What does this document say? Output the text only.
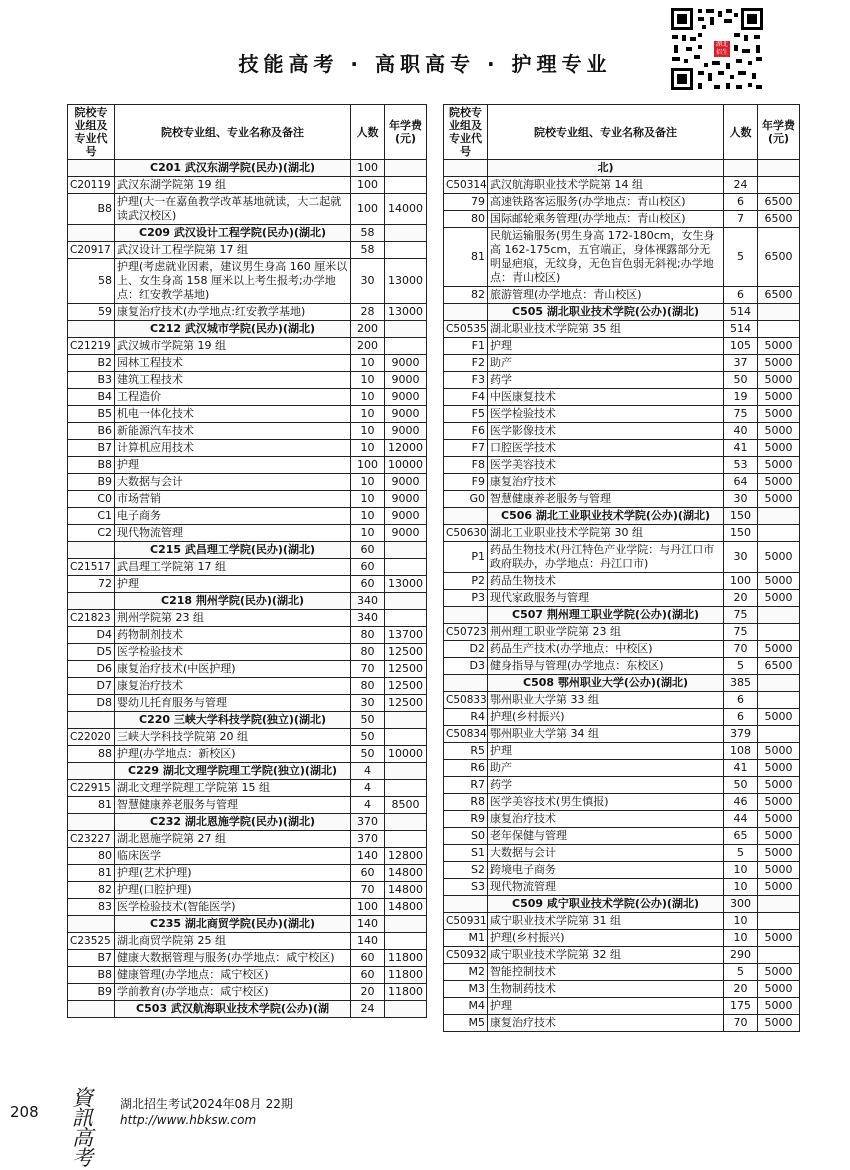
技能高考 · 高职高专 · 护理专业
湖北 招生考试
院校专业组及专业代号	院校专业组、专业名称及备注	人数	年学费(元)
	C201 武汉东湖学院(民办)(湖北)	100	
C20119	武汉东湖学院第 19 组	100	
B8	护理(大一在嘉鱼教学改革基地就读，大二起就读武汉校区)	100	14000
	C209 武汉设计工程学院(民办)(湖北)	58	
C20917	武汉设计工程学院第 17 组	58	
58	护理(考虑就业因素，建议男生身高 160 厘米以上、女生身高 158 厘米以上考生报考;办学地点：红安教学基地)	30	13000
59	康复治疗技术(办学地点:红安教学基地)	28	13000
	C212 武汉城市学院(民办)(湖北)	200	
C21219	武汉城市学院第 19 组	200	
B2	园林工程技术	10	9000
B3	建筑工程技术	10	9000
B4	工程造价	10	9000
B5	机电一体化技术	10	9000
B6	新能源汽车技术	10	9000
B7	计算机应用技术	10	12000
B8	护理	100	10000
B9	大数据与会计	10	9000
C0	市场营销	10	9000
C1	电子商务	10	9000
C2	现代物流管理	10	9000
	C215 武昌理工学院(民办)(湖北)	60	
C21517	武昌理工学院第 17 组	60	
72	护理	60	13000
	C218 荆州学院(民办)(湖北)	340	
C21823	荆州学院第 23 组	340	
D4	药物制剂技术	80	13700
D5	医学检验技术	80	12500
D6	康复治疗技术(中医护理)	70	12500
D7	康复治疗技术	80	12500
D8	婴幼儿托育服务与管理	30	12500
	C220 三峡大学科技学院(独立)(湖北)	50	
C22020	三峡大学科技学院第 20 组	50	
88	护理(办学地点：新校区)	50	10000
	C229 湖北文理学院理工学院(独立)(湖北)	4	
C22915	湖北文理学院理工学院第 15 组	4	
81	智慧健康养老服务与管理	4	8500
	C232 湖北恩施学院(民办)(湖北)	370	
C23227	湖北恩施学院第 27 组	370	
80	临床医学	140	12800
81	护理(艺术护理)	60	14800
82	护理(口腔护理)	70	14800
83	医学检验技术(智能医学)	100	14800
	C235 湖北商贸学院(民办)(湖北)	140	
C23525	湖北商贸学院第 25 组	140	
B7	健康大数据管理与服务(办学地点：咸宁校区)	60	11800
B8	健康管理(办学地点：咸宁校区)	60	11800
B9	学前教育(办学地点：咸宁校区)	20	11800
	C503 武汉航海职业技术学院(公办)(湖	24	
院校专业组及专业代号	院校专业组、专业名称及备注	人数	年学费(元)
	北)		
C50314	武汉航海职业技术学院第 14 组	24	
79	高速铁路客运服务(办学地点：青山校区)	6	6500
80	国际邮轮乘务管理(办学地点：青山校区)	7	6500
81	民航运输服务(男生身高 172-180cm，女生身高 162-175cm，五官端正，身体裸露部分无明显疤痕，无纹身，无色盲色弱无斜视;办学地点：青山校区)	5	6500
82	旅游管理(办学地点：青山校区)	6	6500
	C505 湖北职业技术学院(公办)(湖北)	514	
C50535	湖北职业技术学院第 35 组	514	
F1	护理	105	5000
F2	助产	37	5000
F3	药学	50	5000
F4	中医康复技术	19	5000
F5	医学检验技术	75	5000
F6	医学影像技术	40	5000
F7	口腔医学技术	41	5000
F8	医学美容技术	53	5000
F9	康复治疗技术	64	5000
G0	智慧健康养老服务与管理	30	5000
	C506 湖北工业职业技术学院(公办)(湖北)	150	
C50630	湖北工业职业技术学院第 30 组	150	
P1	药品生物技术(丹江特色产业学院：与丹江口市政府联办，办学地点：丹江口市)	30	5000
P2	药品生物技术	100	5000
P3	现代家政服务与管理	20	5000
	C507 荆州理工职业学院(公办)(湖北)	75	
C50723	荆州理工职业学院第 23 组	75	
D2	药品生产技术(办学地点：中校区)	70	5000
D3	健身指导与管理(办学地点：东校区)	5	6500
	C508 鄂州职业大学(公办)(湖北)	385	
C50833	鄂州职业大学第 33 组	6	
R4	护理(乡村振兴)	6	5000
C50834	鄂州职业大学第 34 组	379	
R5	护理	108	5000
R6	助产	41	5000
R7	药学	50	5000
R8	医学美容技术(男生慎报)	46	5000
R9	康复治疗技术	44	5000
S0	老年保健与管理	65	5000
S1	大数据与会计	5	5000
S2	跨境电子商务	10	5000
S3	现代物流管理	10	5000
	C509 咸宁职业技术学院(公办)(湖北)	300	
C50931	咸宁职业技术学院第 31 组	10	
M1	护理(乡村振兴)	10	5000
C50932	咸宁职业技术学院第 32 组	290	
M2	智能控制技术	5	5000
M3	生物制药技术	20	5000
M4	护理	175	5000
M5	康复治疗技术	70	5000
208
資訊高考
湖北招生考试2024年08月 22期
http://www.hbksw.com
